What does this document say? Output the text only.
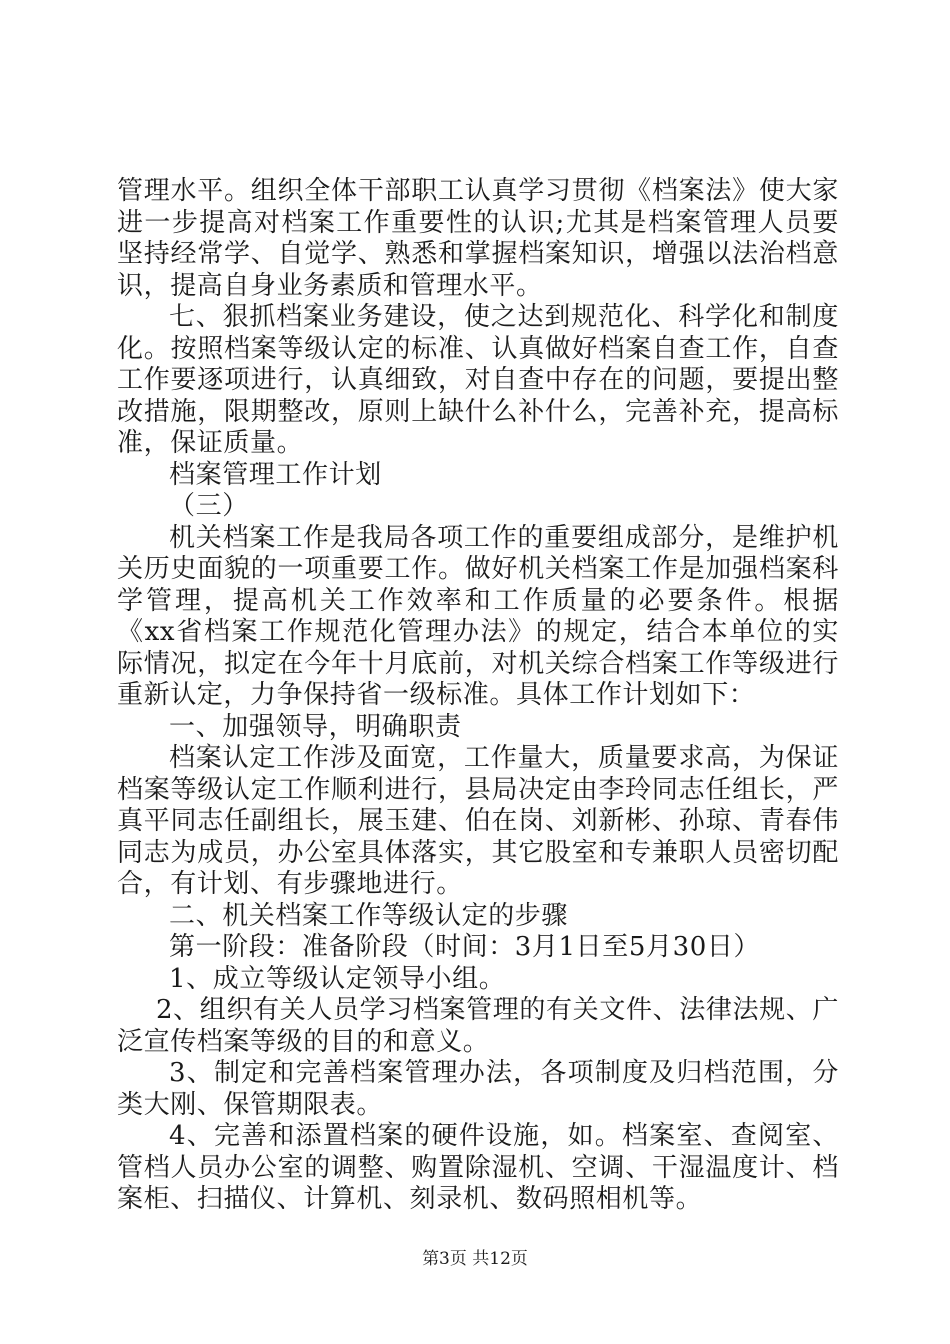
管理水平。组织全体干部职工认真学习贯彻《档案法》使大家进一步提高对档案工作重要性的认识;尤其是档案管理人员要坚持经常学、自觉学、熟悉和掌握档案知识，增强以法治档意识，提高自身业务素质和管理水平。

七、狠抓档案业务建设，使之达到规范化、科学化和制度化。按照档案等级认定的标准、认真做好档案自查工作，自查工作要逐项进行，认真细致，对自查中存在的问题，要提出整改措施，限期整改，原则上缺什么补什么，完善补充，提高标准，保证质量。

档案管理工作计划

（三）

机关档案工作是我局各项工作的重要组成部分，是维护机关历史面貌的一项重要工作。做好机关档案工作是加强档案科学管理，提高机关工作效率和工作质量的必要条件。根据《xx省档案工作规范化管理办法》的规定，结合本单位的实际情况，拟定在今年十月底前，对机关综合档案工作等级进行重新认定，力争保持省一级标准。具体工作计划如下：

一、加强领导，明确职责

档案认定工作涉及面宽，工作量大，质量要求高，为保证档案等级认定工作顺利进行，县局决定由李玲同志任组长，严真平同志任副组长，展玉建、伯在岗、刘新彬、孙琼、青春伟同志为成员，办公室具体落实，其它股室和专兼职人员密切配合，有计划、有步骤地进行。

二、机关档案工作等级认定的步骤

第一阶段：准备阶段（时间：3月1日至5月30日）

1、成立等级认定领导小组。

2、组织有关人员学习档案管理的有关文件、法律法规、广泛宣传档案等级的目的和意义。

3、制定和完善档案管理办法，各项制度及归档范围，分类大刚、保管期限表。

4、完善和添置档案的硬件设施，如。档案室、查阅室、管档人员办公室的调整、购置除湿机、空调、干湿温度计、档案柜、扫描仪、计算机、刻录机、数码照相机等。

第3页 共12页
